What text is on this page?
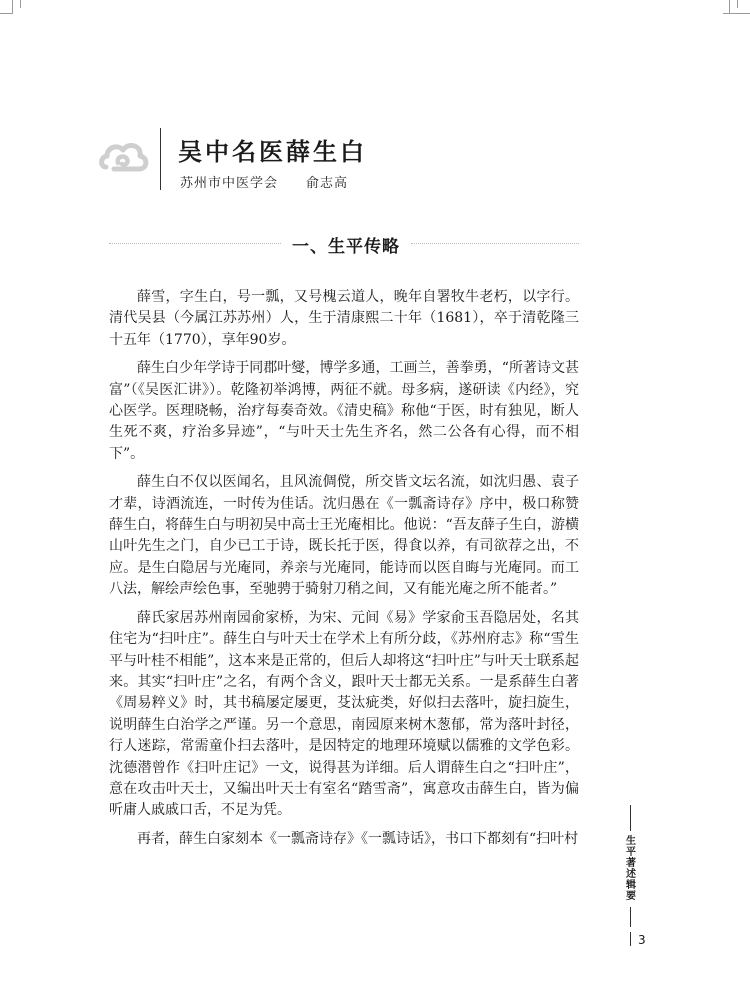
吴中名医薛生白
苏州市中医学会　　俞志高
一、生平传略

薛雪，字生白，号一瓢，又号槐云道人，晚年自署牧牛老朽，以字行。清代吴县（今属江苏苏州）人，生于清康熙二十年（1681），卒于清乾隆三十五年（1770），享年90岁。

薛生白少年学诗于同郡叶燮，博学多通，工画兰，善拳勇，“所著诗文甚富”（《吴医汇讲》）。乾隆初举鸿博，两征不就。母多病，遂研读《内经》，究心医学。医理晓畅，治疗每奏奇效。《清史稿》称他“于医，时有独见，断人生死不爽，疗治多异迹”，“与叶天士先生齐名，然二公各有心得，而不相下”。

薛生白不仅以医闻名，且风流倜傥，所交皆文坛名流，如沈归愚、袁子才辈，诗酒流连，一时传为佳话。沈归愚在《一瓢斋诗存》序中，极口称赞薛生白，将薛生白与明初吴中高士王光庵相比。他说：“吾友薛子生白，游横山叶先生之门，自少已工于诗，既长托于医，得食以养，有司欲荐之出，不应。是生白隐居与光庵同，养亲与光庵同，能诗而以医自晦与光庵同。而工八法，解绘声绘色事，至驰骋于骑射刀稍之间，又有能光庵之所不能者。”

薛氏家居苏州南园俞家桥，为宋、元间《易》学家俞玉吾隐居处，名其住宅为“扫叶庄”。薛生白与叶天士在学术上有所分歧，《苏州府志》称“雪生平与叶桂不相能”，这本来是正常的，但后人却将这“扫叶庄”与叶天士联系起来。其实“扫叶庄”之名，有两个含义，跟叶天士都无关系。一是系薛生白著《周易粹义》时，其书稿屡定屡更，芟汰疵类，好似扫去落叶，旋扫旋生，说明薛生白治学之严谨。另一个意思，南园原来树木葱郁，常为落叶封径，行人迷踪，常需童仆扫去落叶，是因特定的地理环境赋以儒雅的文学色彩。沈德潜曾作《扫叶庄记》一文，说得甚为详细。后人谓薛生白之“扫叶庄”，意在攻击叶天士，又编出叶天士有室名“踏雪斋”，寓意攻击薛生白，皆为偏听庸人戚戚口舌，不足为凭。

再者，薛生白家刻本《一瓢斋诗存》《一瓢诗话》，书口下都刻有“扫叶村	生平著述辑要
3
